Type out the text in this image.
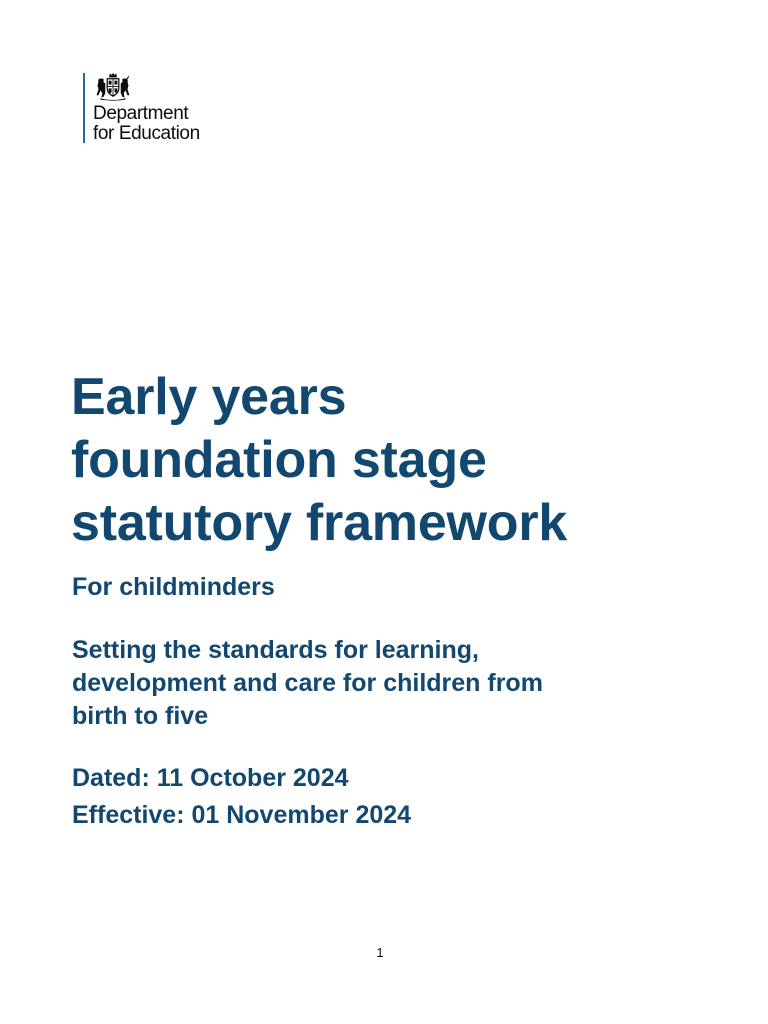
Department
for Education
Early years
foundation stage
statutory framework
For childminders
Setting the standards for learning,
development and care for children from
birth to five

Dated: 11 October 2024

Effective: 01 November 2024

1
